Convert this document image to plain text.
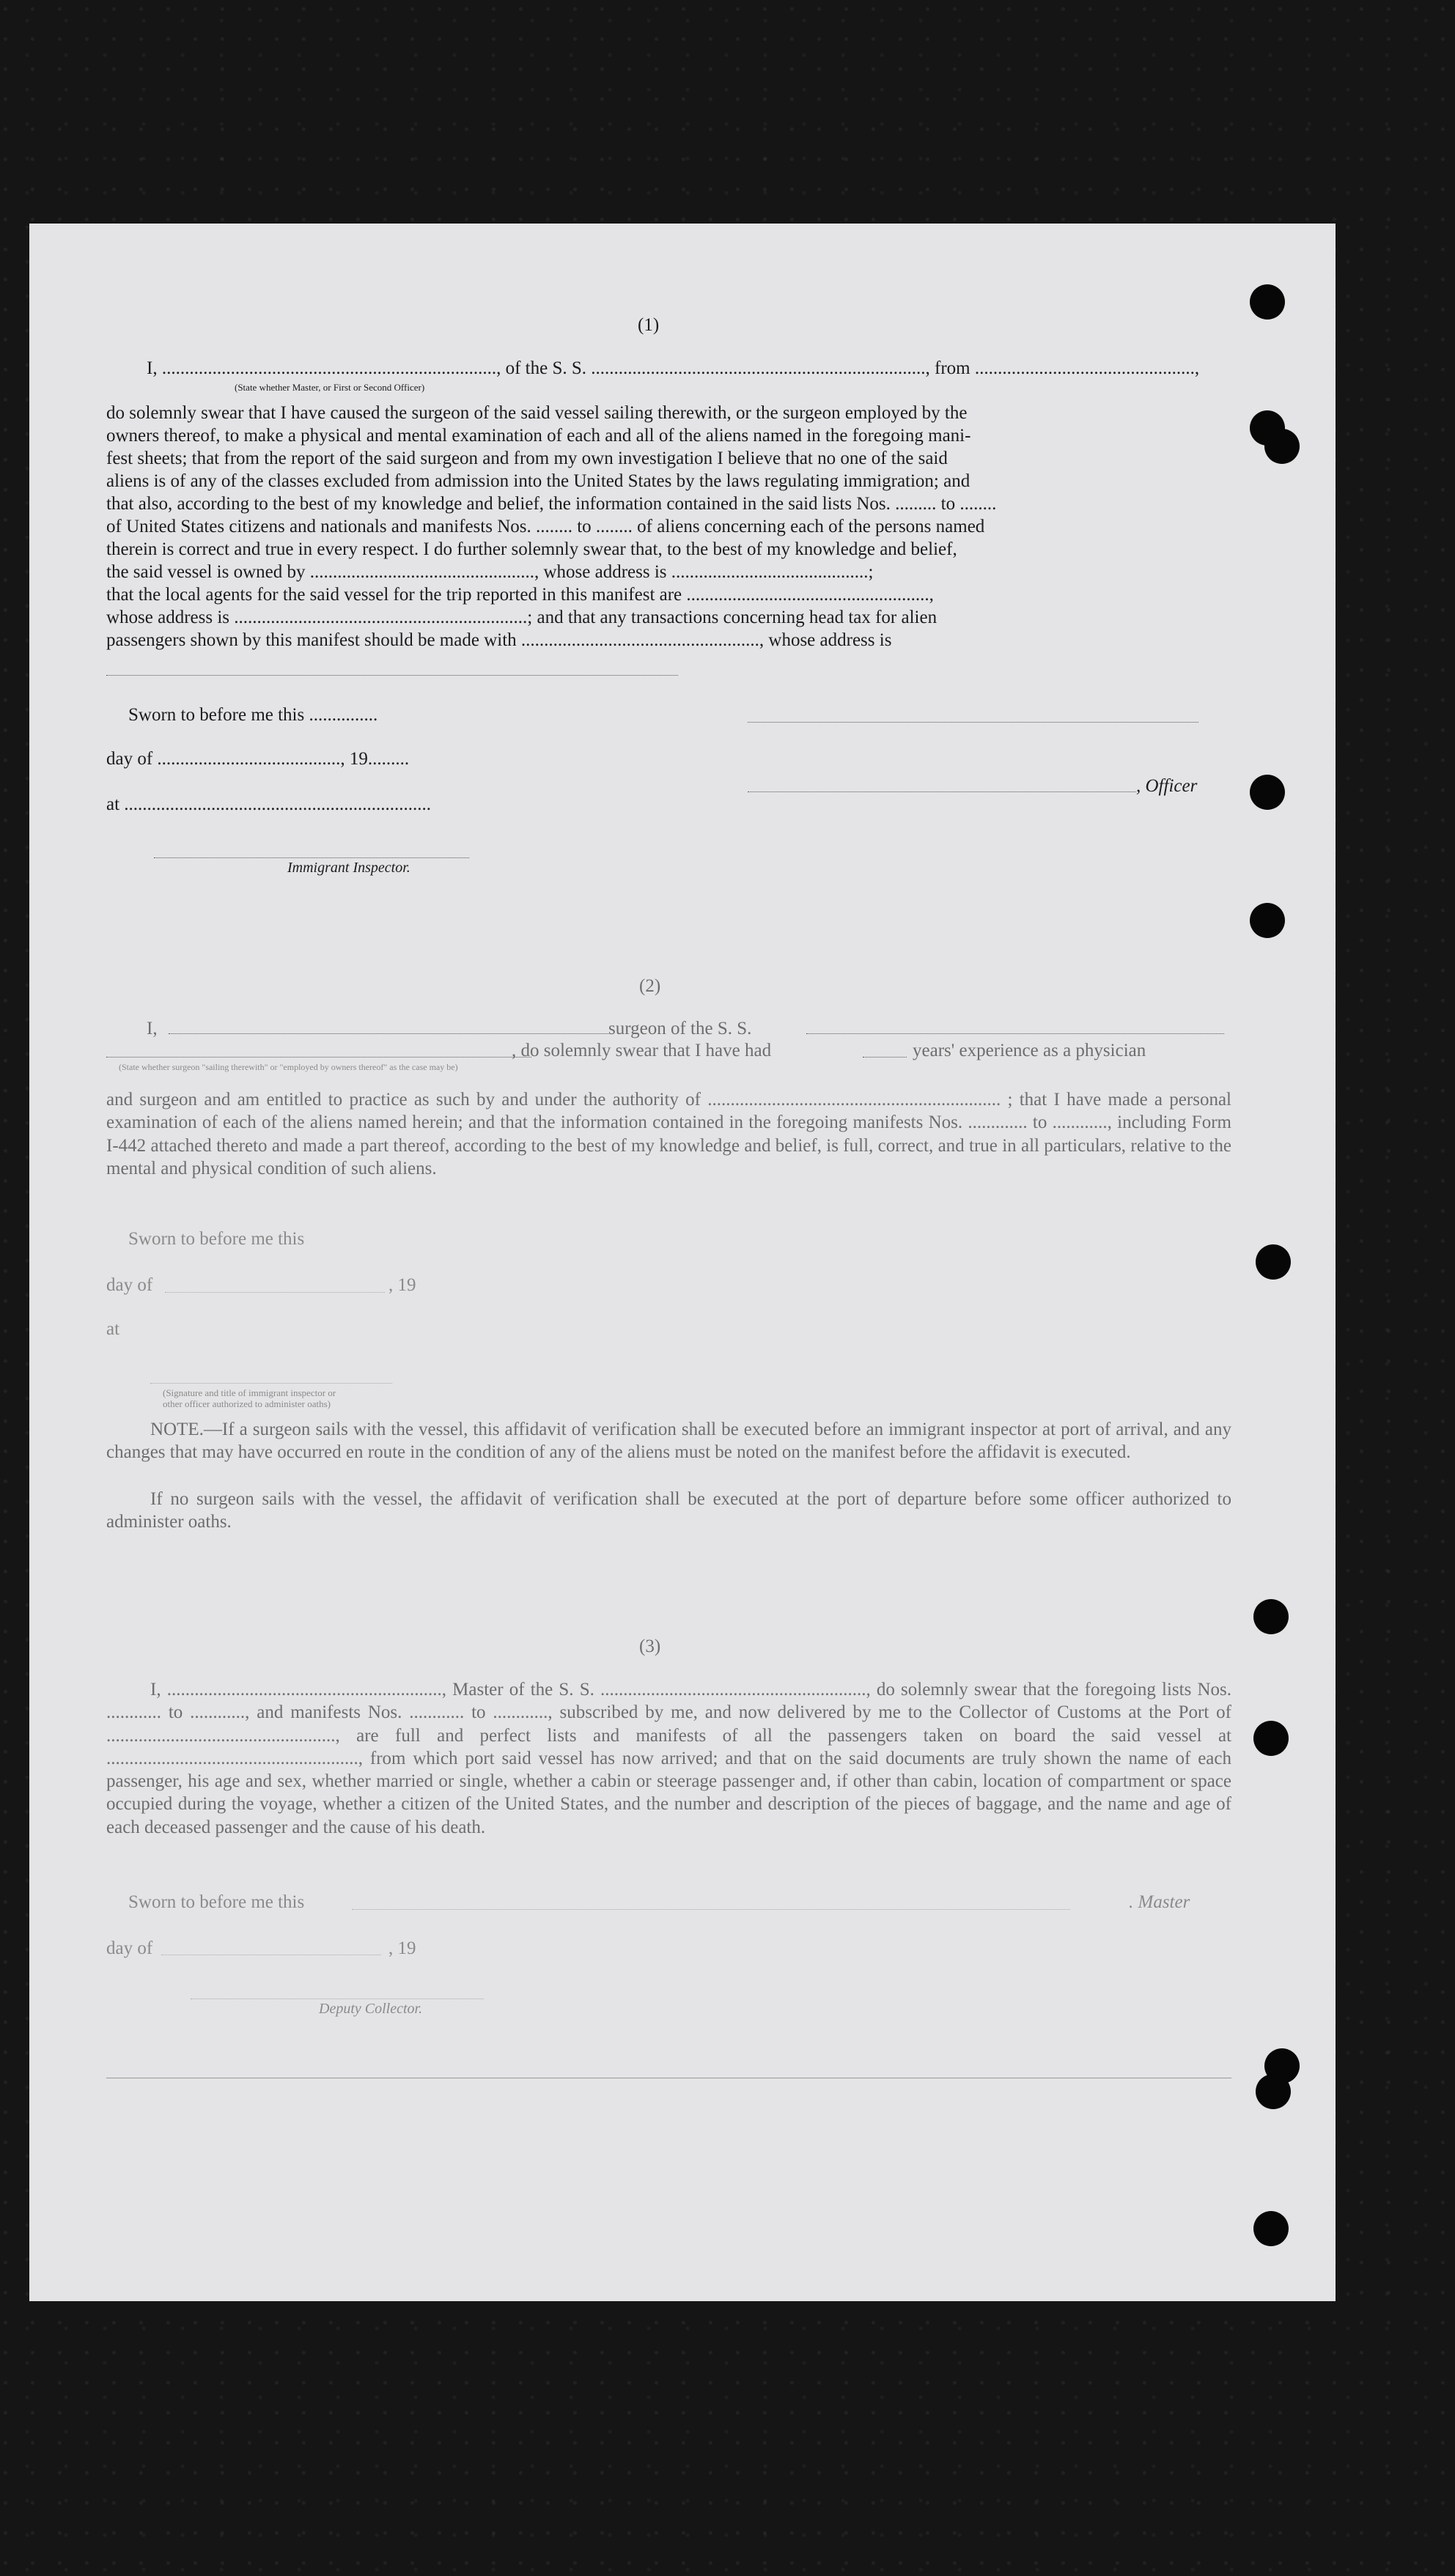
(1)
I, ........................................................................., of the S. S. ........................................................................., from ................................................,
(State whether Master, or First or Second Officer)
do solemnly swear that I have caused the surgeon of the said vessel sailing therewith, or the surgeon employed by the
owners thereof, to make a physical and mental examination of each and all of the aliens named in the foregoing mani-
fest sheets; that from the report of the said surgeon and from my own investigation I believe that no one of the said
aliens is of any of the classes excluded from admission into the United States by the laws regulating immigration; and
that also, according to the best of my knowledge and belief, the information contained in the said lists Nos. ......... to ........
of United States citizens and nationals and manifests Nos. ........ to ........ of aliens concerning each of the persons named
therein is correct and true in every respect. I do further solemnly swear that, to the best of my knowledge and belief,
the said vessel is owned by ................................................., whose address is ...........................................;
that the local agents for the said vessel for the trip reported in this manifest are .....................................................,
whose address is ................................................................; and that any transactions concerning head tax for alien
passengers shown by this manifest should be made with ...................................................., whose address is
Sworn to before me this ...............
day of ........................................, 19.........
, Officer
at ...................................................................
Immigrant Inspector.
(2)
I,	surgeon of the S. S.
, do solemnly swear that I have had	years' experience as a physician
(State whether surgeon "sailing therewith" or "employed by owners thereof" as the case may be)
and surgeon and am entitled to practice as such by and under the authority of ................................................................ ; that I have made a personal examination of each of the aliens named herein; and that the information contained in the foregoing manifests Nos. ............. to ............, including Form I-442 attached thereto and made a part thereof, according to the best of my knowledge and belief, is full, correct, and true in all particulars, relative to the mental and physical condition of such aliens.
Sworn to before me this
day of	, 19
at
(Signature and title of immigrant inspector or other officer authorized to administer oaths)
NOTE.—If a surgeon sails with the vessel, this affidavit of verification shall be executed before an immigrant inspector at port of arrival, and any changes that may have occurred en route in the condition of any of the aliens must be noted on the manifest before the affidavit is executed.
If no surgeon sails with the vessel, the affidavit of verification shall be executed at the port of departure before some officer authorized to administer oaths.
(3)
I, ............................................................, Master of the S. S. .........................................................., do solemnly swear that the foregoing lists Nos. ............ to ............, and manifests Nos. ............ to ............, subscribed by me, and now delivered by me to the Collector of Customs at the Port of .................................................., are full and perfect lists and manifests of all the passengers taken on board the said vessel at ......................................................., from which port said vessel has now arrived; and that on the said documents are truly shown the name of each passenger, his age and sex, whether married or single, whether a cabin or steerage passenger and, if other than cabin, location of compartment or space occupied during the voyage, whether a citizen of the United States, and the number and description of the pieces of baggage, and the name and age of each deceased passenger and the cause of his death.
Sworn to before me this	. Master
day of	, 19
Deputy Collector.
